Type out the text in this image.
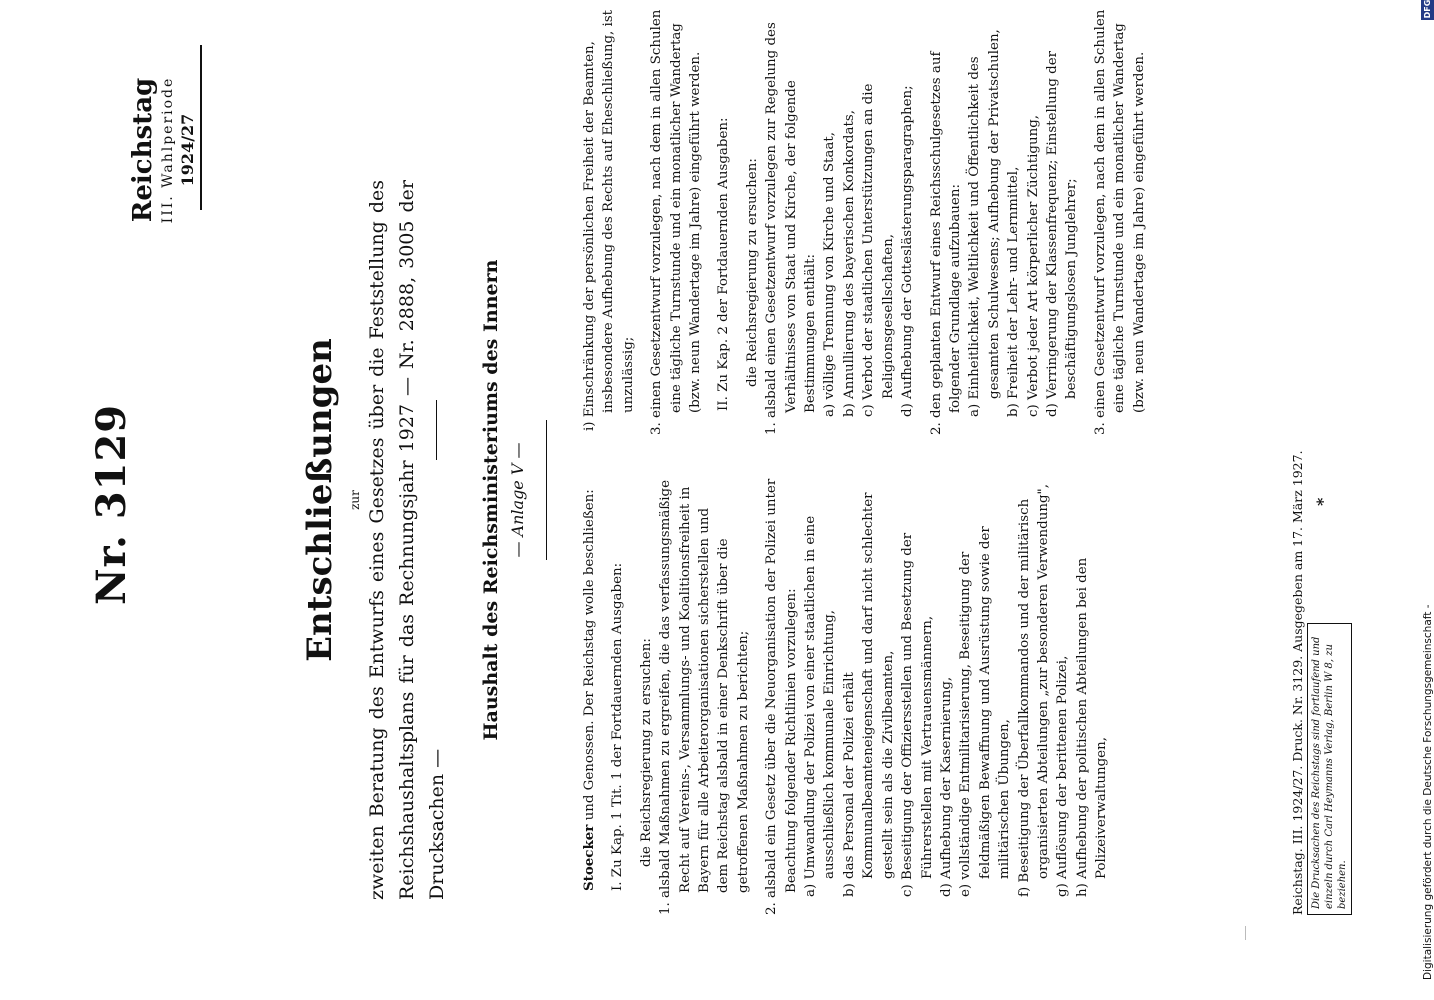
Nr. 3129
Reichstag III. Wahlperiode 1924/27
Entschließungen zur zweiten Beratung des Entwurfs eines Gesetzes über die Feststellung des Reichshaushaltsplans für das Rechnungsjahr 1927 — Nr. 2888, 3005 der Drucksachen —
Haushalt des Reichsministeriums des Innern — Anlage V —

Stoecker und Genossen. Der Reichstag wolle beschließen: I. Zu Kap. 1 Tit. 1 der Fortdauernden Ausgaben: die Reichsregierung zu ersuchen: 1. alsbald Maßnahmen zu ergreifen, die das verfassungsmäßige Recht auf Vereins-, Versammlungs- und Koalitionsfreiheit in Bayern für alle Arbeiterorganisationen sicherstellen und dem Reichstag alsbald in einer Denkschrift über die getroffenen Maßnahmen zu berichten; 2. alsbald ein Gesetz über die Neuorganisation der Polizei unter Beachtung folgender Richtlinien vorzulegen: a) Umwandlung der Polizei von einer staatlichen in eine ausschließlich kommunale Einrichtung, b) das Personal der Polizei erhält Kommunalbeamteneigenschaft und darf nicht schlechter gestellt sein als die Zivilbeamten, c) Beseitigung der Offiziersstellen und Besetzung der Führerstellen mit Vertrauensmännern, d) Aufhebung der Kasernierung, e) vollständige Entmilitarisierung, Beseitigung der feldmäßigen Bewaffnung und Ausrüstung sowie der militärischen Übungen, f) Beseitigung der Überfallkommandos und der militärisch organisierten Abteilungen „zur besonderen Verwendung", g) Auflösung der berittenen Polizei, h) Aufhebung der politischen Abteilungen bei den Polizeiverwaltungen,

i) Einschränkung der persönlichen Freiheit der Beamten, insbesondere Aufhebung des Rechts auf Eheschließung, ist unzulässig; 3. einen Gesetzentwurf vorzulegen, nach dem in allen Schulen eine tägliche Turnstunde und ein monatlicher Wandertag (bzw. neun Wandertage im Jahre) eingeführt werden. II. Zu Kap. 2 der Fortdauernden Ausgaben: die Reichsregierung zu ersuchen: 1. alsbald einen Gesetzentwurf vorzulegen zur Regelung des Verhältnisses von Staat und Kirche, der folgende Bestimmungen enthält: a) völlige Trennung von Kirche und Staat, b) Annullierung des bayerischen Konkordats, c) Verbot der staatlichen Unterstützungen an die Religionsgesellschaften, d) Aufhebung der Gotteslästerungsparagraphen; 2. den geplanten Entwurf eines Reichsschulgesetzes auf folgender Grundlage aufzubauen: a) Einheitlichkeit, Weltlichkeit und Öffentlichkeit des gesamten Schulwesens; Aufhebung der Privatschulen, b) Freiheit der Lehr- und Lernmittel, c) Verbot jeder Art körperlicher Züchtigung, d) Verringerung der Klassenfrequenz; Einstellung der beschäftigungslosen Junglehrer; 3. einen Gesetzentwurf vorzulegen, nach dem in allen Schulen eine tägliche Turnstunde und ein monatlicher Wandertag (bzw. neun Wandertage im Jahre) eingeführt werden.

Reichstag. III. 1924/27. Druck. Nr. 3129. Ausgegeben am 17. März 1927. Die Drucksachen des Reichstags sind fortlaufend und einzeln durch Carl Heymanns Verlag, Berlin W 8, zu beziehen.
*
Digitalisierung gefördert durch die Deutsche Forschungsgemeinschaft -
DFG
